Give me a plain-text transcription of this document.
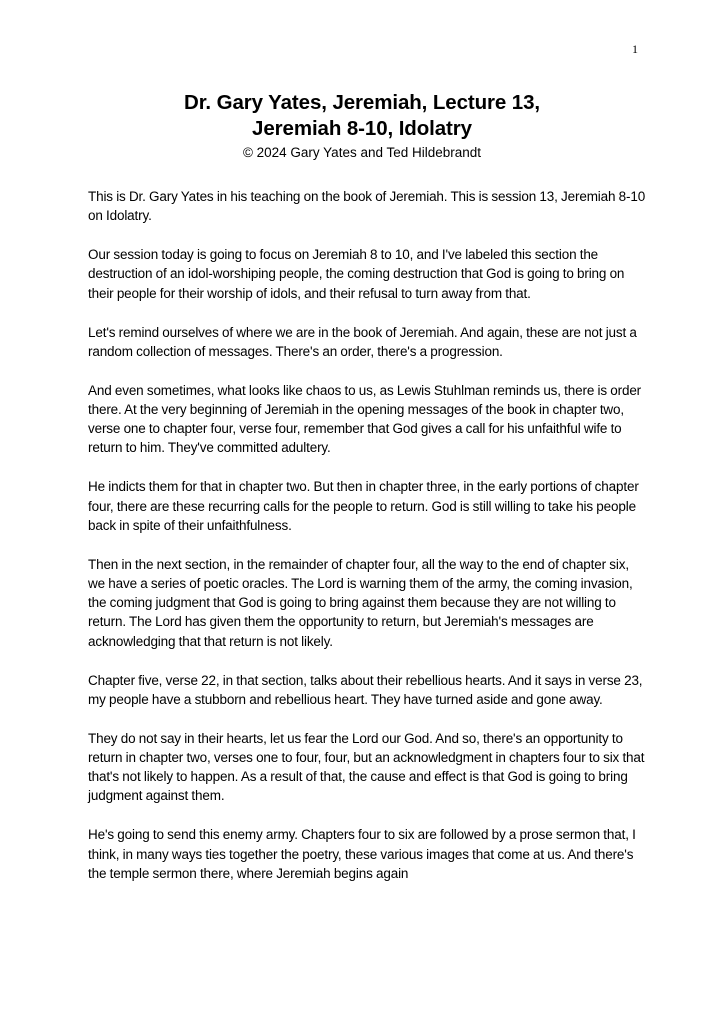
1
Dr. Gary Yates, Jeremiah, Lecture 13,
Jeremiah 8-10, Idolatry
© 2024 Gary Yates and Ted Hildebrandt

This is Dr. Gary Yates in his teaching on the book of Jeremiah. This is session 13, Jeremiah 8-10 on Idolatry.

Our session today is going to focus on Jeremiah 8 to 10, and I've labeled this section the destruction of an idol-worshiping people, the coming destruction that God is going to bring on their people for their worship of idols, and their refusal to turn away from that.

Let's remind ourselves of where we are in the book of Jeremiah. And again, these are not just a random collection of messages. There's an order, there's a progression.

And even sometimes, what looks like chaos to us, as Lewis Stuhlman reminds us, there is order there. At the very beginning of Jeremiah in the opening messages of the book in chapter two, verse one to chapter four, verse four, remember that God gives a call for his unfaithful wife to return to him. They've committed adultery.

He indicts them for that in chapter two. But then in chapter three, in the early portions of chapter four, there are these recurring calls for the people to return. God is still willing to take his people back in spite of their unfaithfulness.

Then in the next section, in the remainder of chapter four, all the way to the end of chapter six, we have a series of poetic oracles. The Lord is warning them of the army, the coming invasion, the coming judgment that God is going to bring against them because they are not willing to return. The Lord has given them the opportunity to return, but Jeremiah's messages are acknowledging that that return is not likely.

Chapter five, verse 22, in that section, talks about their rebellious hearts. And it says in verse 23, my people have a stubborn and rebellious heart. They have turned aside and gone away.

They do not say in their hearts, let us fear the Lord our God. And so, there's an opportunity to return in chapter two, verses one to four, four, but an acknowledgment in chapters four to six that that's not likely to happen. As a result of that, the cause and effect is that God is going to bring judgment against them.

He's going to send this enemy army. Chapters four to six are followed by a prose sermon that, I think, in many ways ties together the poetry, these various images that come at us. And there's the temple sermon there, where Jeremiah begins again
